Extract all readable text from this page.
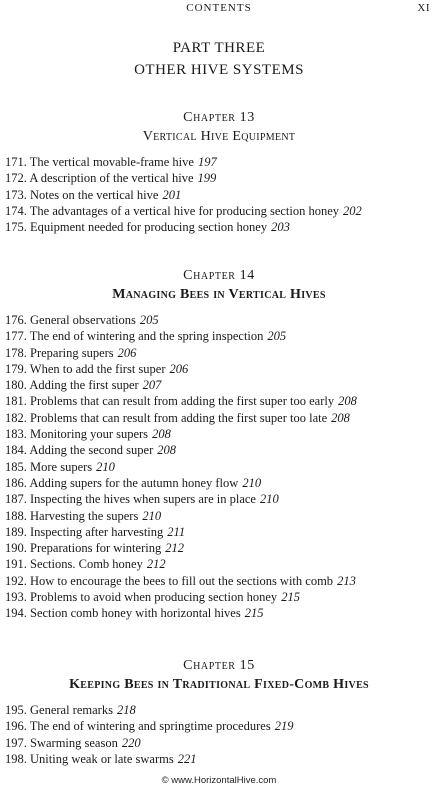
CONTENTS	XI
PART THREE
OTHER HIVE SYSTEMS
Chapter 13
Vertical Hive Equipment
171. The vertical movable-frame hive 197
172. A description of the vertical hive 199
173. Notes on the vertical hive 201
174. The advantages of a vertical hive for producing section honey 202
175. Equipment needed for producing section honey 203
Chapter 14
Managing Bees in Vertical Hives
176. General observations 205
177. The end of wintering and the spring inspection 205
178. Preparing supers 206
179. When to add the first super 206
180. Adding the first super 207
181. Problems that can result from adding the first super too early 208
182. Problems that can result from adding the first super too late 208
183. Monitoring your supers 208
184. Adding the second super 208
185. More supers 210
186. Adding supers for the autumn honey flow 210
187. Inspecting the hives when supers are in place 210
188. Harvesting the supers 210
189. Inspecting after harvesting 211
190. Preparations for wintering 212
191. Sections. Comb honey 212
192. How to encourage the bees to fill out the sections with comb 213
193. Problems to avoid when producing section honey 215
194. Section comb honey with horizontal hives 215
Chapter 15
Keeping Bees in Traditional Fixed-Comb Hives
195. General remarks 218
196. The end of wintering and springtime procedures 219
197. Swarming season 220
198. Uniting weak or late swarms 221
© www.HorizontalHive.com
